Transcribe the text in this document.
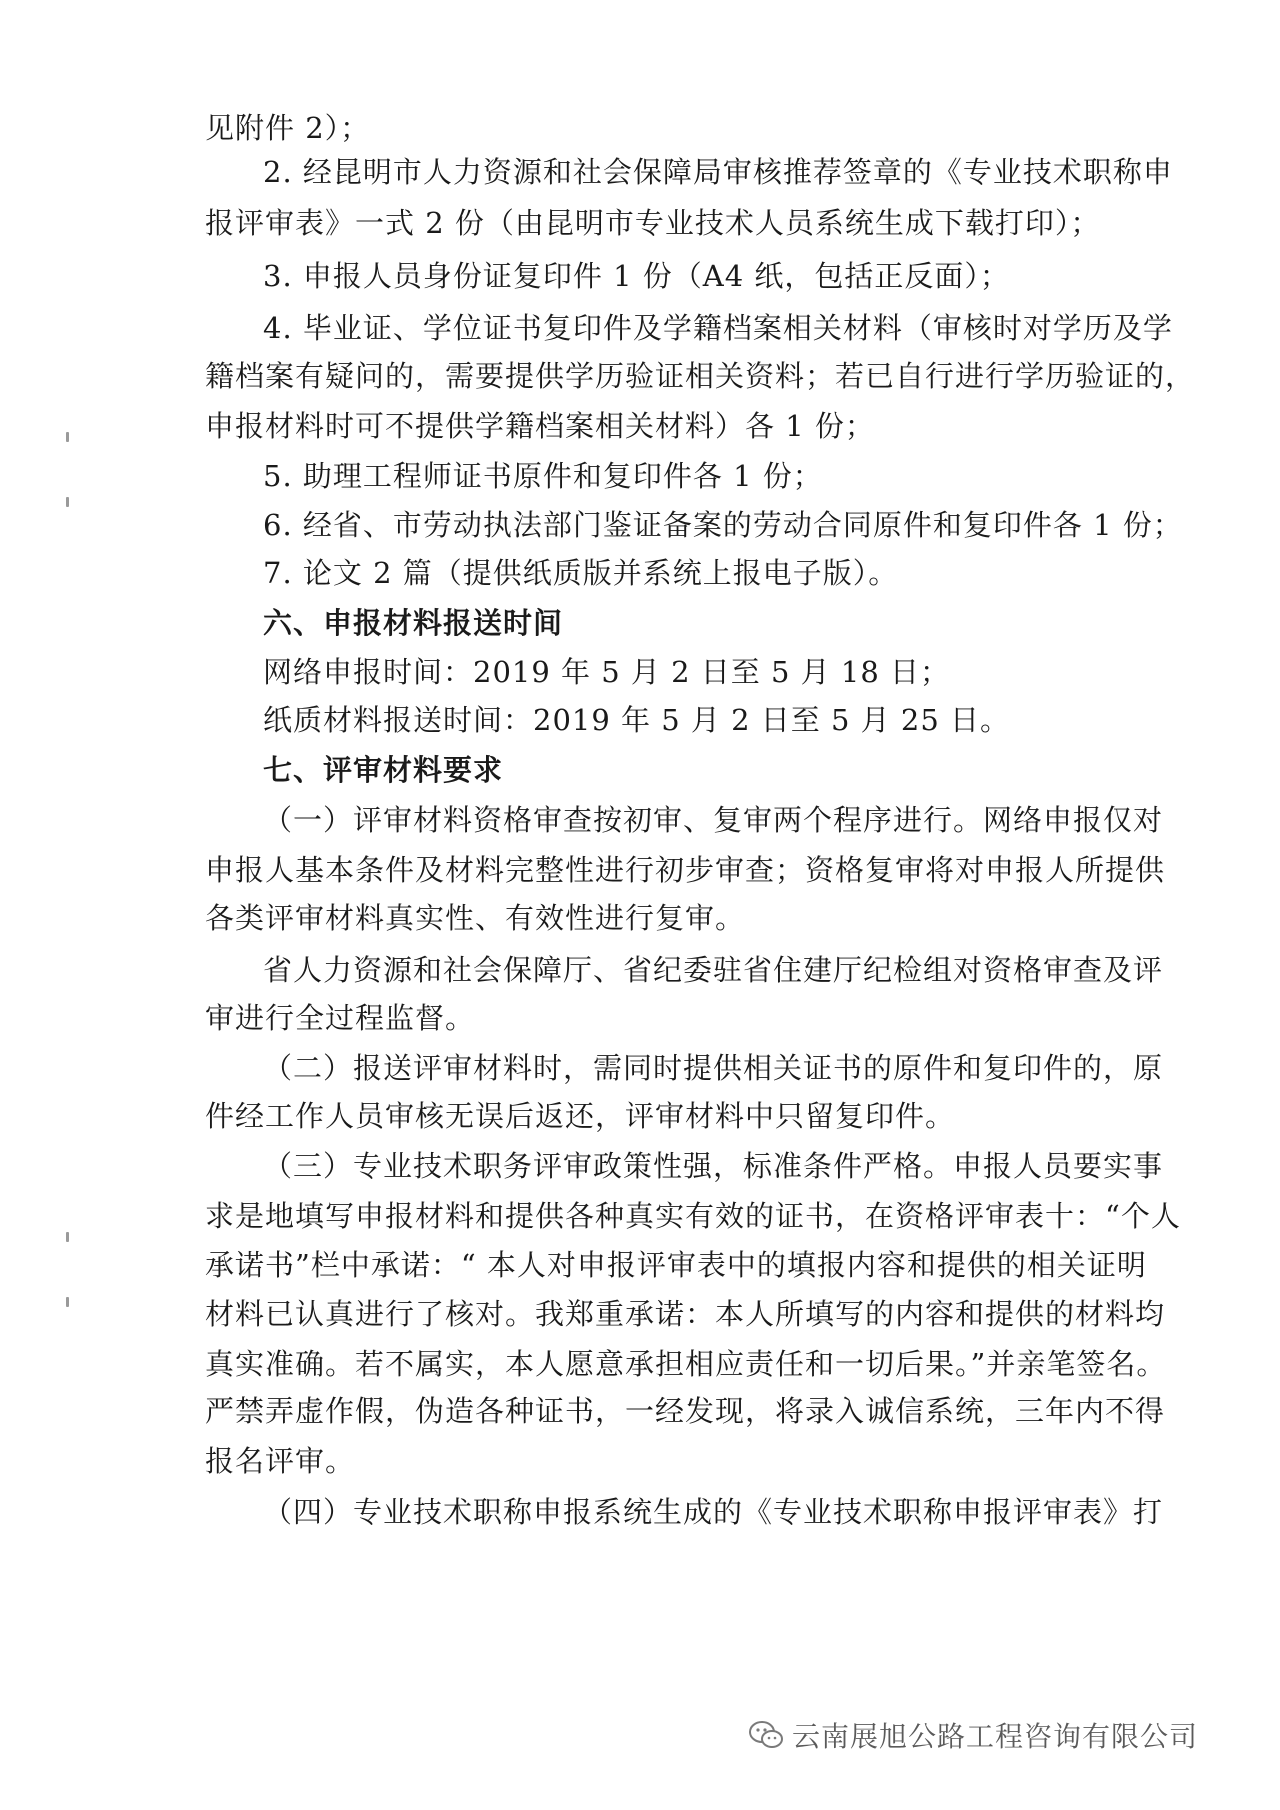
见附件 2）；
2. 经昆明市人力资源和社会保障局审核推荐签章的《专业技术职称申
报评审表》一式 2 份（由昆明市专业技术人员系统生成下载打印）；
3. 申报人员身份证复印件 1 份（A4 纸，包括正反面）；
4. 毕业证、学位证书复印件及学籍档案相关材料（审核时对学历及学
籍档案有疑问的，需要提供学历验证相关资料；若已自行进行学历验证的，
申报材料时可不提供学籍档案相关材料）各 1 份；
5. 助理工程师证书原件和复印件各 1 份；
6. 经省、市劳动执法部门鉴证备案的劳动合同原件和复印件各 1 份；
7. 论文 2 篇（提供纸质版并系统上报电子版）。
六、申报材料报送时间
网络申报时间：2019 年 5 月 2 日至 5 月 18 日；
纸质材料报送时间：2019 年 5 月 2 日至 5 月 25 日。
七、评审材料要求
（一）评审材料资格审查按初审、复审两个程序进行。网络申报仅对
申报人基本条件及材料完整性进行初步审查；资格复审将对申报人所提供
各类评审材料真实性、有效性进行复审。
省人力资源和社会保障厅、省纪委驻省住建厅纪检组对资格审查及评
审进行全过程监督。
（二）报送评审材料时，需同时提供相关证书的原件和复印件的，原
件经工作人员审核无误后返还，评审材料中只留复印件。
（三）专业技术职务评审政策性强，标准条件严格。申报人员要实事
求是地填写申报材料和提供各种真实有效的证书，在资格评审表十：“个人
承诺书”栏中承诺：“ 本人对申报评审表中的填报内容和提供的相关证明
材料已认真进行了核对。我郑重承诺：本人所填写的内容和提供的材料均
真实准确。若不属实，本人愿意承担相应责任和一切后果。”并亲笔签名。
严禁弄虚作假，伪造各种证书，一经发现，将录入诚信系统，三年内不得
报名评审。
（四）专业技术职称申报系统生成的《专业技术职称申报评审表》打
云南展旭公路工程咨询有限公司
